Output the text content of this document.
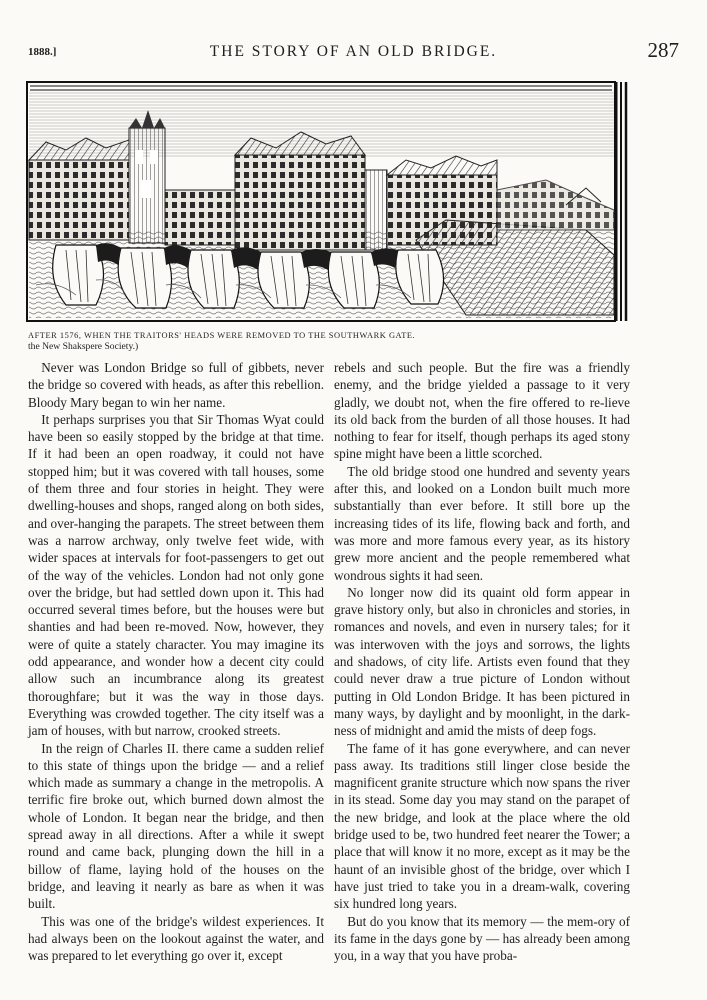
1888.]	THE STORY OF AN OLD BRIDGE.	287
AFTER 1576, WHEN THE TRAITORS' HEADS WERE REMOVED TO THE SOUTHWARK GATE.
the New Shakspere Society.)

Never was London Bridge so full of gibbets, never the bridge so covered with heads, as after this rebellion. Bloody Mary began to win her name.

It perhaps surprises you that Sir Thomas Wyat could have been so easily stopped by the bridge at that time. If it had been an open roadway, it could not have stopped him; but it was covered with tall houses, some of them three and four stories in height. They were dwelling-houses and shops, ranged along on both sides, and over-hanging the parapets. The street between them was a narrow archway, only twelve feet wide, with wider spaces at intervals for foot-passengers to get out of the way of the vehicles. London had not only gone over the bridge, but had settled down upon it. This had occurred several times before, but the houses were but shanties and had been re-moved. Now, however, they were of quite a stately character. You may imagine its odd appearance, and wonder how a decent city could allow such an incumbrance along its greatest thoroughfare; but it was the way in those days. Everything was crowded together. The city itself was a jam of houses, with but narrow, crooked streets.

In the reign of Charles II. there came a sudden relief to this state of things upon the bridge — and a relief which made as summary a change in the metropolis. A terrific fire broke out, which burned down almost the whole of London. It began near the bridge, and then spread away in all directions. After a while it swept round and came back, plunging down the hill in a billow of flame, laying hold of the houses on the bridge, and leaving it nearly as bare as when it was built.

This was one of the bridge's wildest experiences. It had always been on the lookout against the water, and was prepared to let everything go over it, except

rebels and such people. But the fire was a friendly enemy, and the bridge yielded a passage to it very gladly, we doubt not, when the fire offered to re-lieve its old back from the burden of all those houses. It had nothing to fear for itself, though perhaps its aged stony spine might have been a little scorched.

The old bridge stood one hundred and seventy years after this, and looked on a London built much more substantially than ever before. It still bore up the increasing tides of its life, flowing back and forth, and was more and more famous every year, as its history grew more ancient and the people remembered what wondrous sights it had seen.

No longer now did its quaint old form appear in grave history only, but also in chronicles and stories, in romances and novels, and even in nursery tales; for it was interwoven with the joys and sorrows, the lights and shadows, of city life. Artists even found that they could never draw a true picture of London without putting in Old London Bridge. It has been pictured in many ways, by daylight and by moonlight, in the dark-ness of midnight and amid the mists of deep fogs.

The fame of it has gone everywhere, and can never pass away. Its traditions still linger close beside the magnificent granite structure which now spans the river in its stead. Some day you may stand on the parapet of the new bridge, and look at the place where the old bridge used to be, two hundred feet nearer the Tower; a place that will know it no more, except as it may be the haunt of an invisible ghost of the bridge, over which I have just tried to take you in a dream-walk, covering six hundred long years.

But do you know that its memory — the mem-ory of its fame in the days gone by — has already been among you, in a way that you have proba-
